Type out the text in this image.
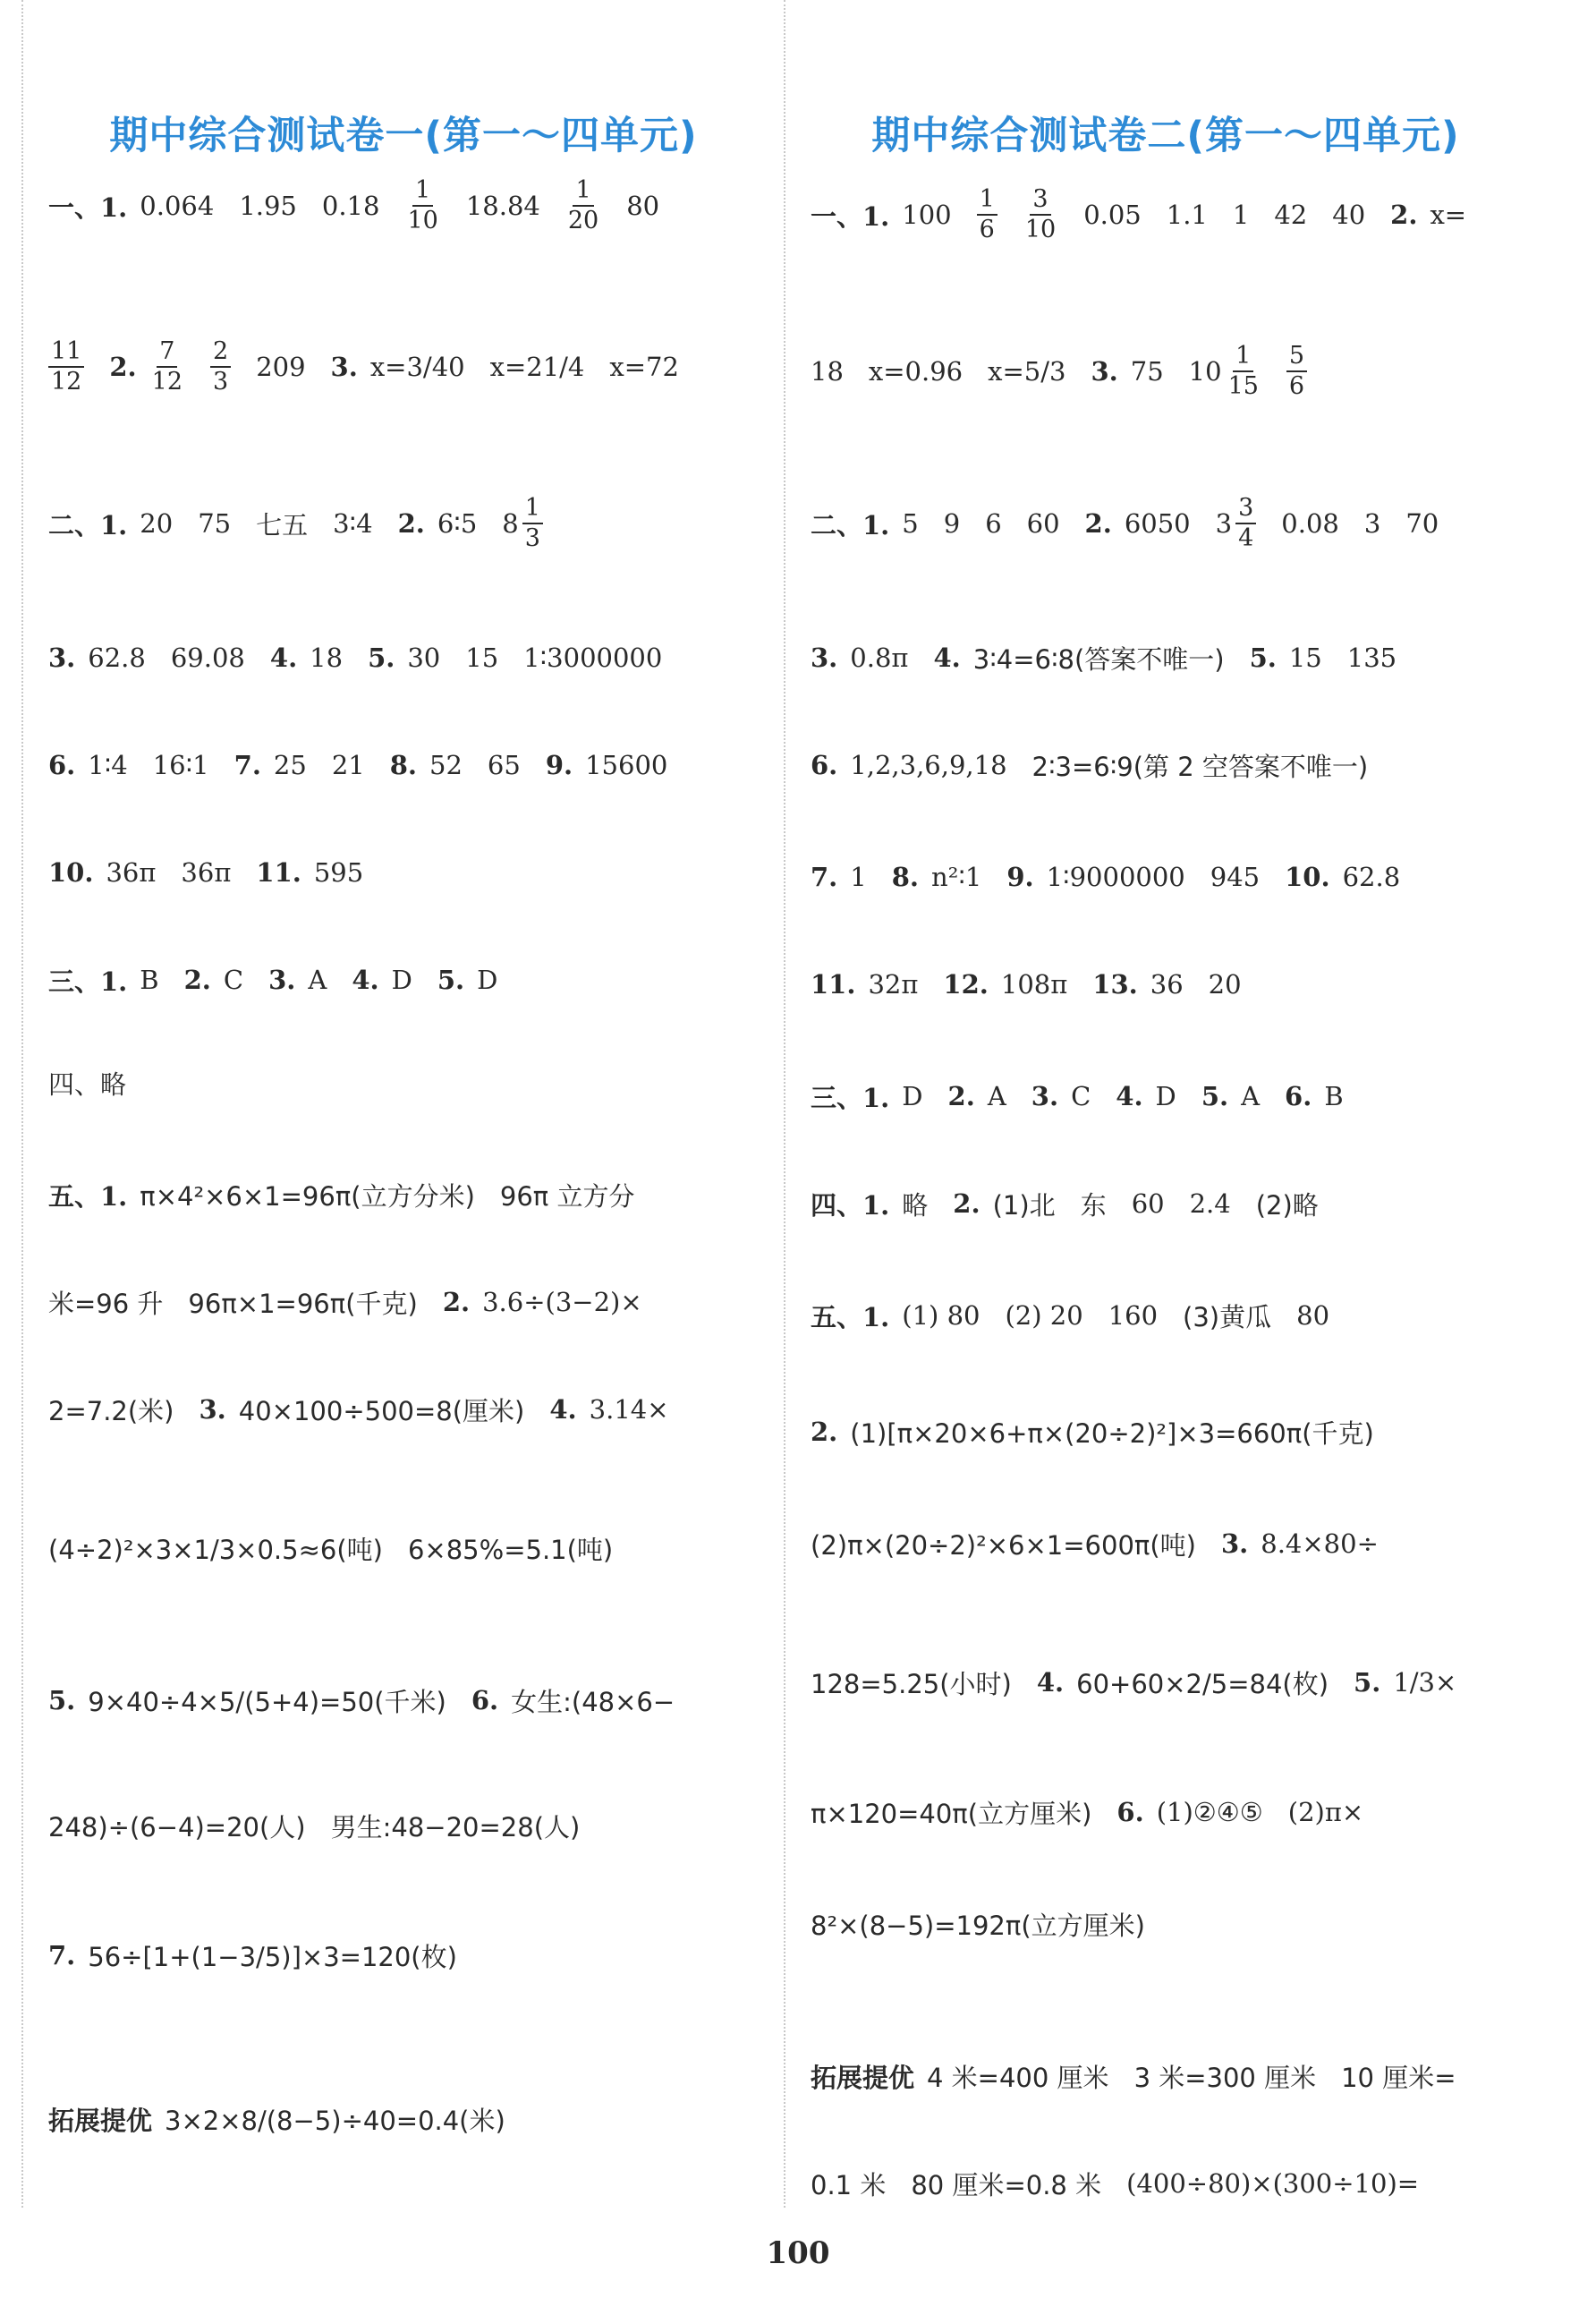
期中综合测试卷一(第一～四单元)
一、1. 0.064 1.95 $0.18 \frac{1}{10} 18.84 \frac{1}{20} 80$
$\frac{11}{12} 2$. $\frac{7}{12} \frac{2}{3} 209$ 3. x=3/40 x=21/4 x=72
二、1. 20 75 七五 3∶4 2. 6∶5 $8 \frac{1}{3}$
3. 62.8 69.08 4. 18 5. 30 15 1∶3000000
6. 1∶4 16∶1 7. 25 21 8. 52 65 9. 15600
10. 36π 36π 11. 595
三、1. B 2. C 3. A 4. D 5. D
四、略
五、1. π×4²×6×1=96π(立方分米) 96π 立方分
米=96 升 96π×1=96π(千克) 2. 3.6÷(3−2)×
2=7.2(米) 3. 40×100÷500=8(厘米) 4. 3.14×
(4÷2)²×3×1/3×0.5≈6(吨) 6×85%=5.1(吨)
5. 9×40÷4×5/(5+4)=50(千米) 6. 女生:(48×6−
248)÷(6−4)=20(人) 男生:48−20=28(人)
7. 56÷[1+(1−3/5)]×3=120(枚)
拓展提优 3×2×8/(8−5)÷40=0.4(米)
期中综合测试卷二(第一～四单元)
一、1. $100 \frac{1}{6} \frac{3}{10} 0.05$ 1.1 1 42 40 2. x=
18 x=0.96 x=5/3 3. 75 $10 \frac{1}{15} \frac{5}{6}$
二、1. 5 9 6 60 2. 6050 $3 \frac{3}{4} 0.08$ 3 70
3. 0.8π 4. 3∶4=6∶8(答案不唯一) 5. 15 135
6. 1,2,3,6,9,18 2∶3=6∶9(第 2 空答案不唯一)
7. 1 8. n²∶1 9. 1∶9000000 945 10. 62.8
11. 32π 12. 108π 13. 36 20
三、1. D 2. A 3. C 4. D 5. A 6. B
四、1. 略 2. (1)北 东 60 2.4 (2)略
五、1. (1) 80 (2) 20 160 (3)黄瓜 80
2. (1)[π×20×6+π×(20÷2)²]×3=660π(千克)
(2)π×(20÷2)²×6×1=600π(吨) 3. 8.4×80÷
128=5.25(小时) 4. 60+60×2/5=84(枚) 5. 1/3×
π×120=40π(立方厘米) 6. (1)②④⑤ (2)π×
8²×(8−5)=192π(立方厘米)
拓展提优 4 米=400 厘米 3 米=300 厘米 10 厘米=
0.1 米 80 厘米=0.8 米 (400÷80)×(300÷10)=
100
